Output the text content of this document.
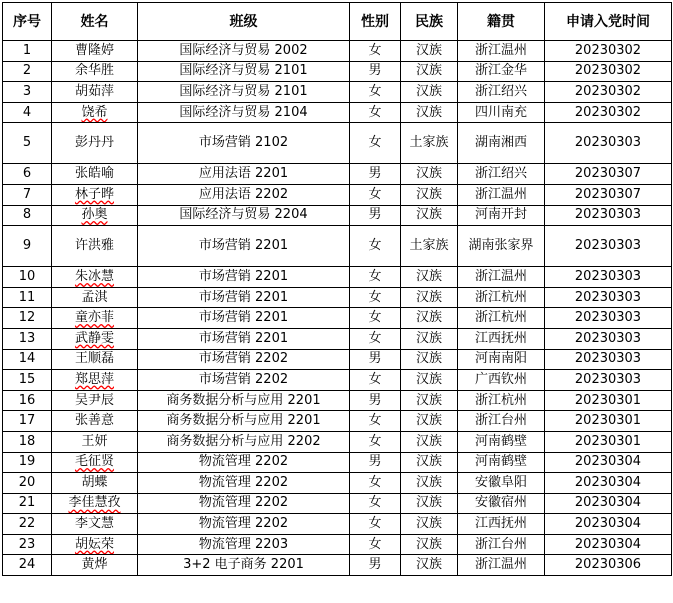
序号	姓名	班级	性别	民族	籍贯	申请入党时间
1	曹隆婷	国际经济与贸易 2002	女	汉族	浙江温州	20230302
2	余华胜	国际经济与贸易 2101	男	汉族	浙江金华	20230302
3	胡茹萍	国际经济与贸易 2101	女	汉族	浙江绍兴	20230302
4	饶希	国际经济与贸易 2104	女	汉族	四川南充	20230302
5	彭丹丹	市场营销 2102	女	土家族	湖南湘西	20230303
6	张皓喻	应用法语 2201	男	汉族	浙江绍兴	20230307
7	林子晔	应用法语 2202	女	汉族	浙江温州	20230307
8	孙奥	国际经济与贸易 2204	男	汉族	河南开封	20230303
9	许洪雅	市场营销 2201	女	土家族	湖南张家界	20230303
10	朱冰慧	市场营销 2201	女	汉族	浙江温州	20230303
11	孟淇	市场营销 2201	女	汉族	浙江杭州	20230303
12	童亦菲	市场营销 2201	女	汉族	浙江杭州	20230303
13	武静雯	市场营销 2201	女	汉族	江西抚州	20230303
14	王顺磊	市场营销 2202	男	汉族	河南南阳	20230303
15	郑思萍	市场营销 2202	女	汉族	广西钦州	20230303
16	吴尹辰	商务数据分析与应用 2201	男	汉族	浙江杭州	20230301
17	张善意	商务数据分析与应用 2201	女	汉族	浙江台州	20230301
18	王妍	商务数据分析与应用 2202	女	汉族	河南鹤壁	20230301
19	毛征贤	物流管理 2202	男	汉族	河南鹤壁	20230304
20	胡蝶	物流管理 2202	女	汉族	安徽阜阳	20230304
21	李佳慧孜	物流管理 2202	女	汉族	安徽宿州	20230304
22	李文慧	物流管理 2202	女	汉族	江西抚州	20230304
23	胡妘荣	物流管理 2203	女	汉族	浙江台州	20230304
24	黄烨	3+2 电子商务 2201	男	汉族	浙江温州	20230306
